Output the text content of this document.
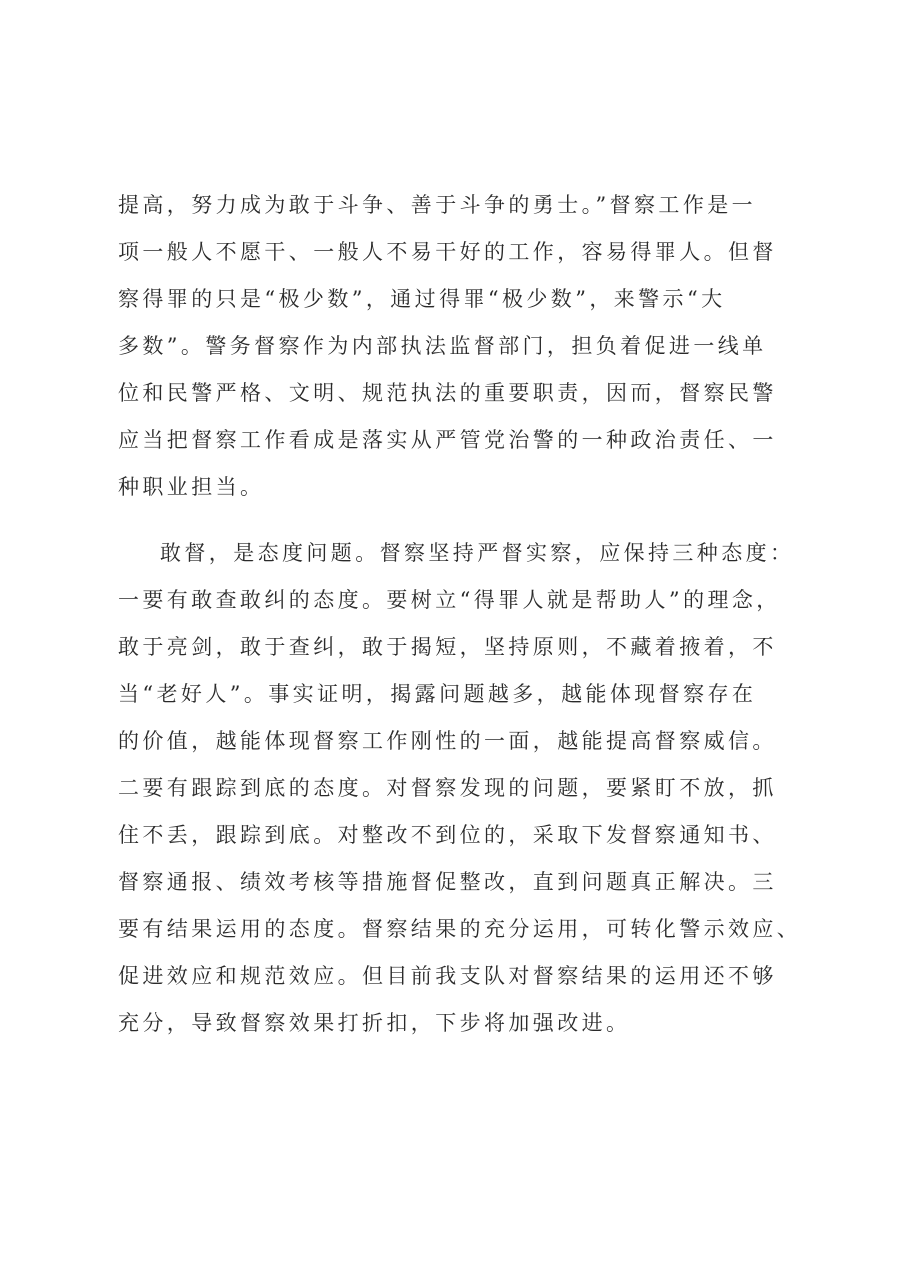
提高，努力成为敢于斗争、善于斗争的勇士。”督察工作是一
项一般人不愿干、一般人不易干好的工作，容易得罪人。但督
察得罪的只是“极少数”，通过得罪“极少数”，来警示“大
多数”。警务督察作为内部执法监督部门，担负着促进一线单
位和民警严格、文明、规范执法的重要职责，因而，督察民警
应当把督察工作看成是落实从严管党治警的一种政治责任、一
种职业担当。
敢督，是态度问题。督察坚持严督实察，应保持三种态度：
一要有敢查敢纠的态度。要树立“得罪人就是帮助人”的理念，
敢于亮剑，敢于查纠，敢于揭短，坚持原则，不藏着掖着，不
当“老好人”。事实证明，揭露问题越多，越能体现督察存在
的价值，越能体现督察工作刚性的一面，越能提高督察威信。
二要有跟踪到底的态度。对督察发现的问题，要紧盯不放，抓
住不丢，跟踪到底。对整改不到位的，采取下发督察通知书、
督察通报、绩效考核等措施督促整改，直到问题真正解决。三
要有结果运用的态度。督察结果的充分运用，可转化警示效应、
促进效应和规范效应。但目前我支队对督察结果的运用还不够
充分，导致督察效果打折扣，下步将加强改进。
